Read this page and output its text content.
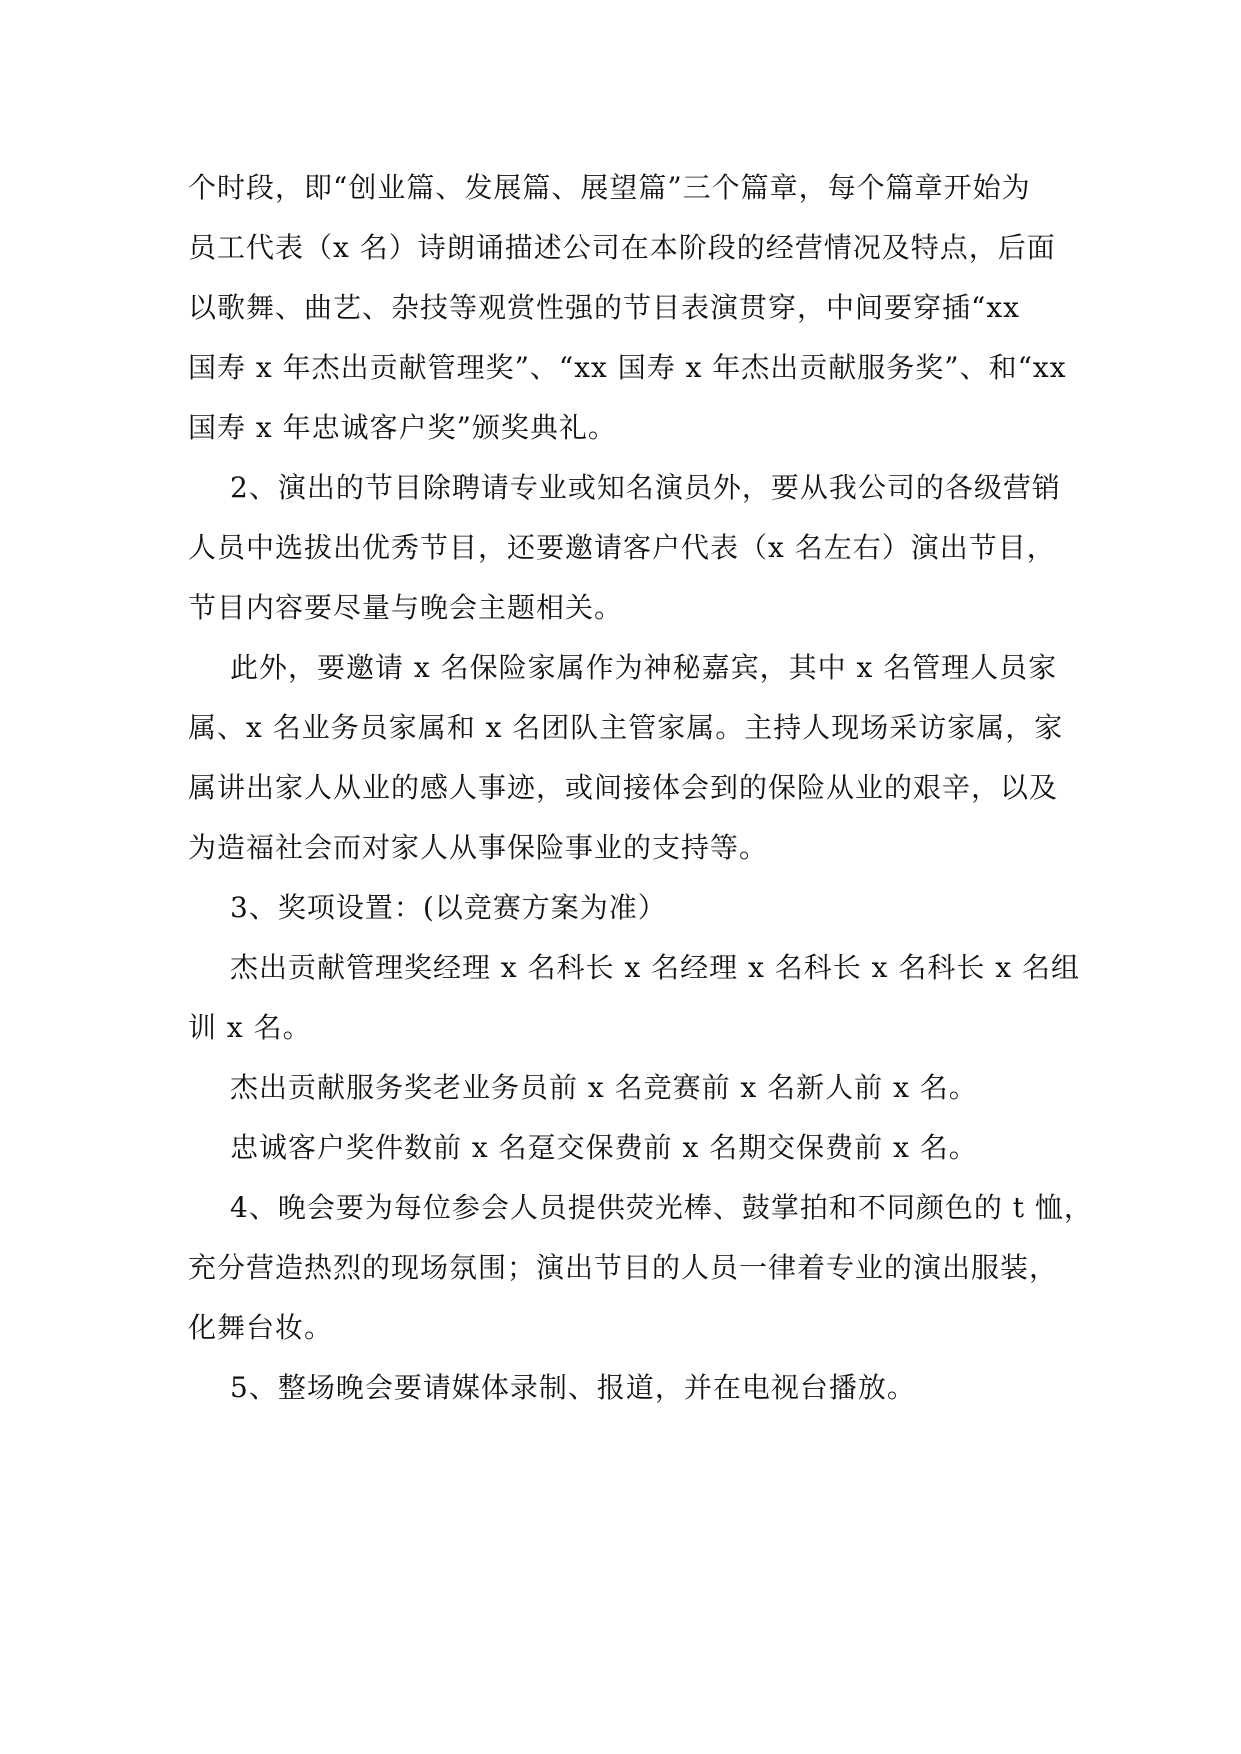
个时段，即“创业篇、发展篇、展望篇”三个篇章，每个篇章开始为
员工代表（x 名）诗朗诵描述公司在本阶段的经营情况及特点，后面
以歌舞、曲艺、杂技等观赏性强的节目表演贯穿，中间要穿插“xx
国寿 x 年杰出贡献管理奖”、“xx 国寿 x 年杰出贡献服务奖”、和“xx
国寿 x 年忠诚客户奖”颁奖典礼。

2、演出的节目除聘请专业或知名演员外，要从我公司的各级营销
人员中选拔出优秀节目，还要邀请客户代表（x 名左右）演出节目，
节目内容要尽量与晚会主题相关。

此外，要邀请 x 名保险家属作为神秘嘉宾，其中 x 名管理人员家
属、x 名业务员家属和 x 名团队主管家属。主持人现场采访家属，家
属讲出家人从业的感人事迹，或间接体会到的保险从业的艰辛，以及
为造福社会而对家人从事保险事业的支持等。

3、奖项设置：(以竞赛方案为准）

杰出贡献管理奖经理 x 名科长 x 名经理 x 名科长 x 名科长 x 名组
训 x 名。

杰出贡献服务奖老业务员前 x 名竞赛前 x 名新人前 x 名。

忠诚客户奖件数前 x 名趸交保费前 x 名期交保费前 x 名。

4、晚会要为每位参会人员提供荧光棒、鼓掌拍和不同颜色的 t 恤，
充分营造热烈的现场氛围；演出节目的人员一律着专业的演出服装，
化舞台妆。

5、整场晚会要请媒体录制、报道，并在电视台播放。
